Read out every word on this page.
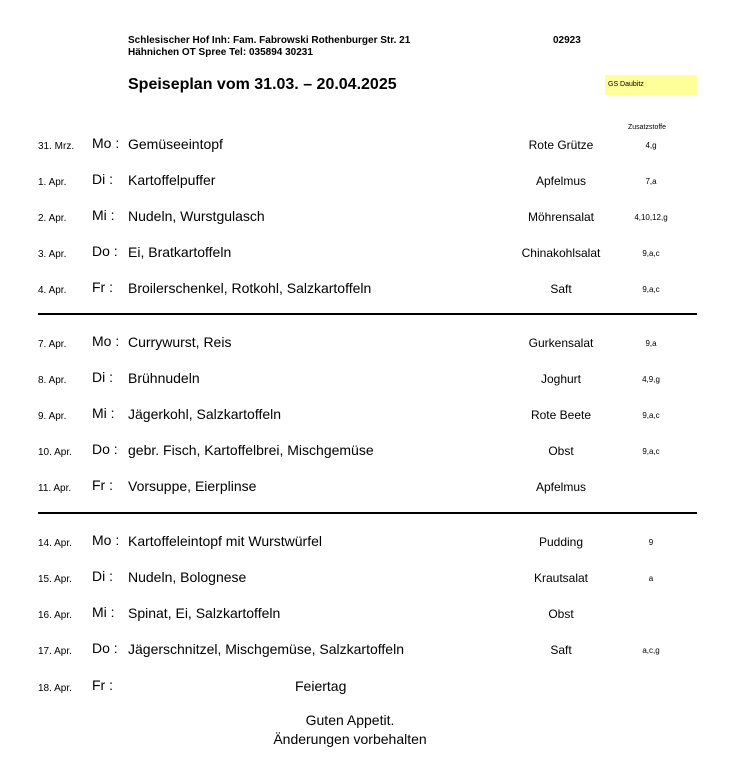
Schlesischer Hof Inh: Fam. Fabrowski Rothenburger Str. 21	02923
Hähnichen OT Spree Tel: 035894 30231
Speiseplan vom 31.03. – 20.04.2025	GS Daubitz
Zusatzstoffe
31. Mrz. Mo : Gemüseeintopf	Rote Grütze	4,g
1. Apr. Di : Kartoffelpuffer	Apfelmus	7,a
2. Apr. Mi : Nudeln, Wurstgulasch	Möhrensalat	4,10,12,g
3. Apr. Do : Ei, Bratkartoffeln	Chinakohlsalat	9,a,c
4. Apr. Fr : Broilerschenkel, Rotkohl, Salzkartoffeln	Saft	9,a,c
7. Apr. Mo : Currywurst, Reis	Gurkensalat	9,a
8. Apr. Di : Brühnudeln	Joghurt	4,9,g
9. Apr. Mi : Jägerkohl, Salzkartoffeln	Rote Beete	9,a,c
10. Apr. Do : gebr. Fisch, Kartoffelbrei, Mischgemüse	Obst	9,a,c
11. Apr. Fr : Vorsuppe, Eierplinse	Apfelmus
14. Apr. Mo : Kartoffeleintopf mit Wurstwürfel	Pudding	9
15. Apr. Di : Nudeln, Bolognese	Krautsalat	a
16. Apr. Mi : Spinat, Ei, Salzkartoffeln	Obst
17. Apr. Do : Jägerschnitzel, Mischgemüse, Salzkartoffeln	Saft	a,c,g
18. Apr. Fr :	Feiertag
Guten Appetit.
Änderungen vorbehalten
